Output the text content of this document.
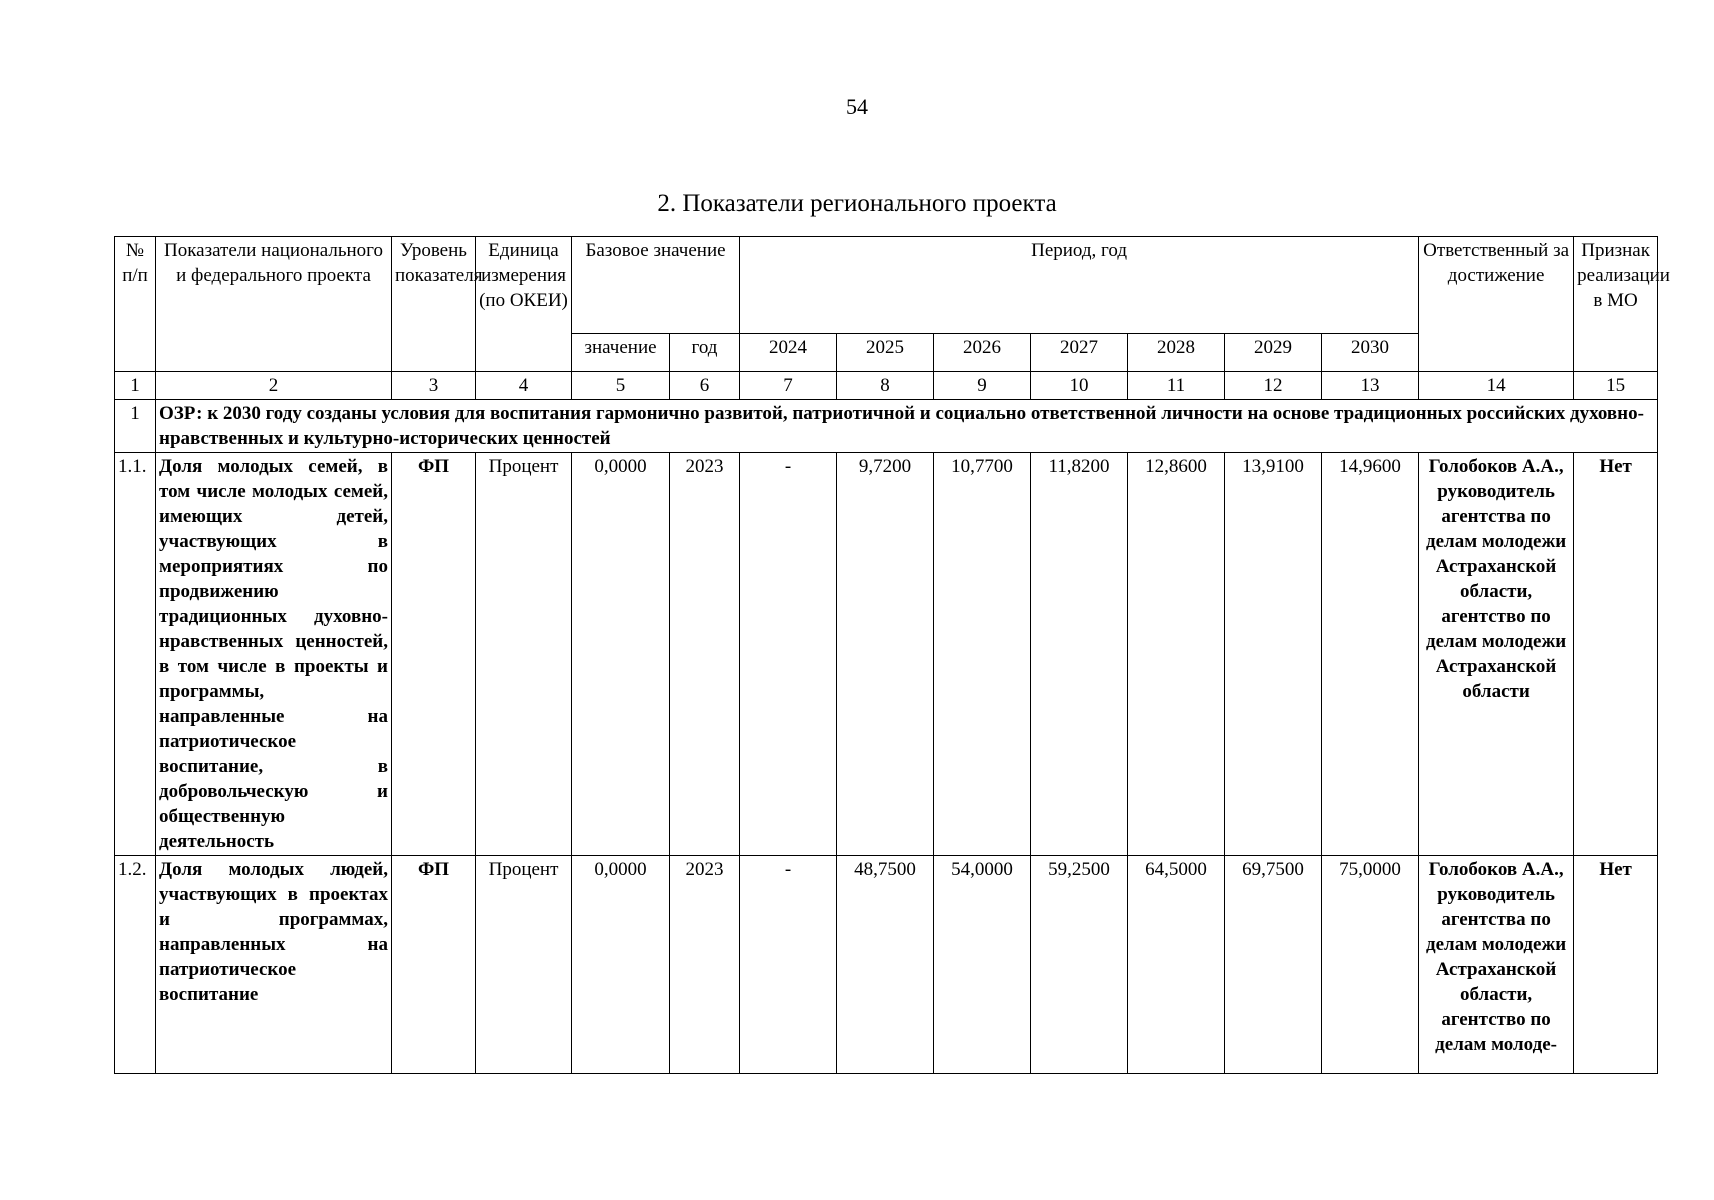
54
2. Показатели регионального проекта
№ п/п	Показатели национального и федерального проекта	Уровень показателя	Единица измерения (по ОКЕИ)	Базовое значение		Период, год							Ответственный за достижение	Признак реализации в МО
				значение	год	2024	2025	2026	2027	2028	2029	2030		
1	2	3	4	5	6	7	8	9	10	11	12	13	14	15
1	ОЗР: к 2030 году созданы условия для воспитания гармонично развитой, патриотичной и социально ответственной личности на основе традиционных российских духовно-нравственных и культурно-исторических ценностей													
1.1.	Доля молодых семей, в том числе молодых семей, имеющих детей, участвующих в мероприятиях по продвижению традиционных духовно-нравственных ценностей, в том числе в проекты и программы, направленные на патриотическое воспитание, в добровольческую и общественную деятельность	ФП	Процент	0,0000	2023	-	9,7200	10,7700	11,8200	12,8600	13,9100	14,9600	Голобоков А.А., руководитель агентства по делам молодежи Астраханской области, агентство по делам молодежи Астраханской области	Нет
1.2.	Доля молодых людей, участвующих в проектах и программах, направленных на патриотическое воспитание	ФП	Процент	0,0000	2023	-	48,7500	54,0000	59,2500	64,5000	69,7500	75,0000	Голобоков А.А., руководитель агентства по делам молодежи Астраханской области, агентство по делам молоде-	Нет
